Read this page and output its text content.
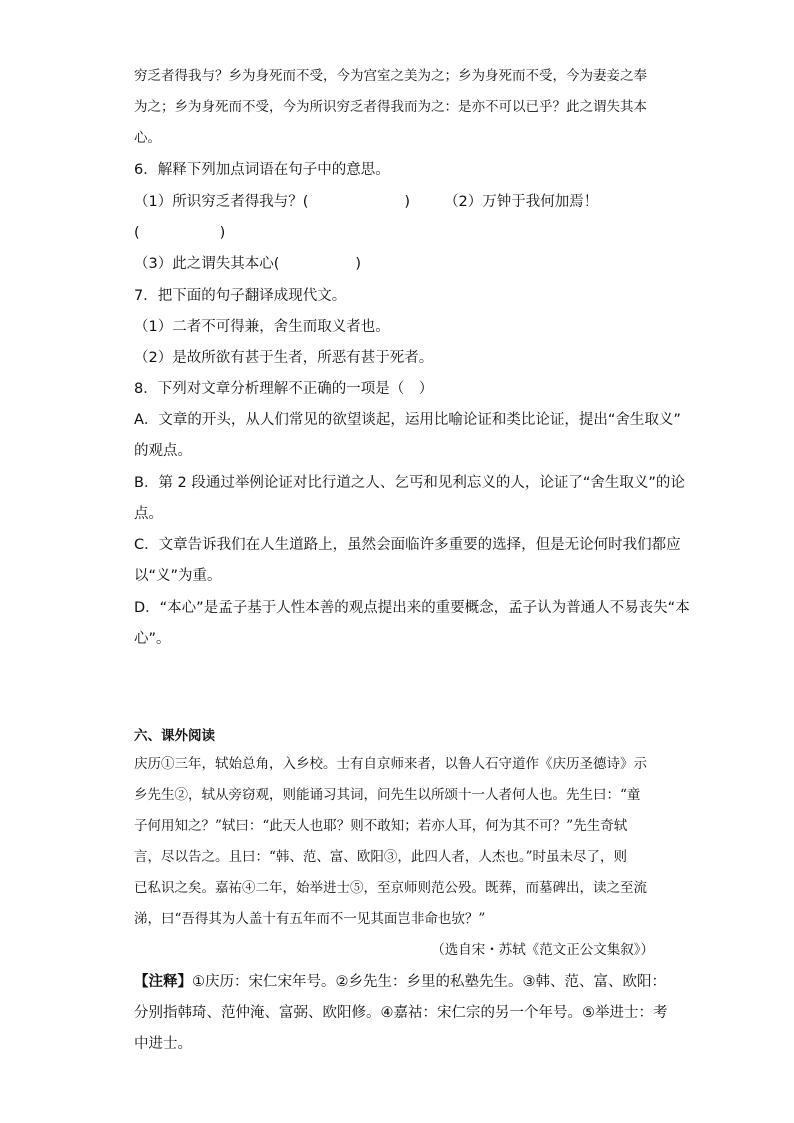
穷乏者得我与？乡为身死而不受，今为宫室之美为之；乡为身死而不受，今为妻妾之奉
为之；乡为身死而不受，今为所识穷乏者得我而为之：是亦不可以已乎？此之谓失其本
心。
6．解释下列加点词语在句子中的意思。
（1）所识穷乏者得我与？(	) （2）万钟于我何加焉！
(	)
（3）此之谓失其本心(	)
7．把下面的句子翻译成现代文。
（1）二者不可得兼，舍生而取义者也。
（2）是故所欲有甚于生者，所恶有甚于死者。
8．下列对文章分析理解不正确的一项是（　）
A．文章的开头，从人们常见的欲望谈起，运用比喻论证和类比论证，提出“舍生取义”
的观点。
B．第 2 段通过举例论证对比行道之人、乞丐和见利忘义的人，论证了“舍生取义”的论
点。
C．文章告诉我们在人生道路上，虽然会面临许多重要的选择，但是无论何时我们都应
以“义”为重。
D．“本心”是孟子基于人性本善的观点提出来的重要概念，孟子认为普通人不易丧失“本
心”。
六、课外阅读
庆历①三年，轼始总角，入乡校。士有自京师来者，以鲁人石守道作《庆历圣德诗》示
乡先生②，轼从旁窃观，则能诵习其词，问先生以所颂十一人者何人也。先生曰：“童
子何用知之？”轼曰：“此天人也耶？则不敢知；若亦人耳，何为其不可？”先生奇轼
言，尽以告之。且曰：“韩、范、富、欧阳③，此四人者，人杰也。”时虽未尽了，则
已私识之矣。嘉祐④二年，始举进士⑤，至京师则范公殁。既葬，而墓碑出，读之至流
涕，曰“吾得其为人盖十有五年而不一见其面岂非命也欤？”
（选自宋・苏轼《范文正公文集叙》）
【注释】①庆历：宋仁宋年号。②乡先生：乡里的私塾先生。③韩、范、富、欧阳：
分别指韩琦、范仲淹、富弼、欧阳修。④嘉祜：宋仁宗的另一个年号。⑤举进士：考
中进士。
